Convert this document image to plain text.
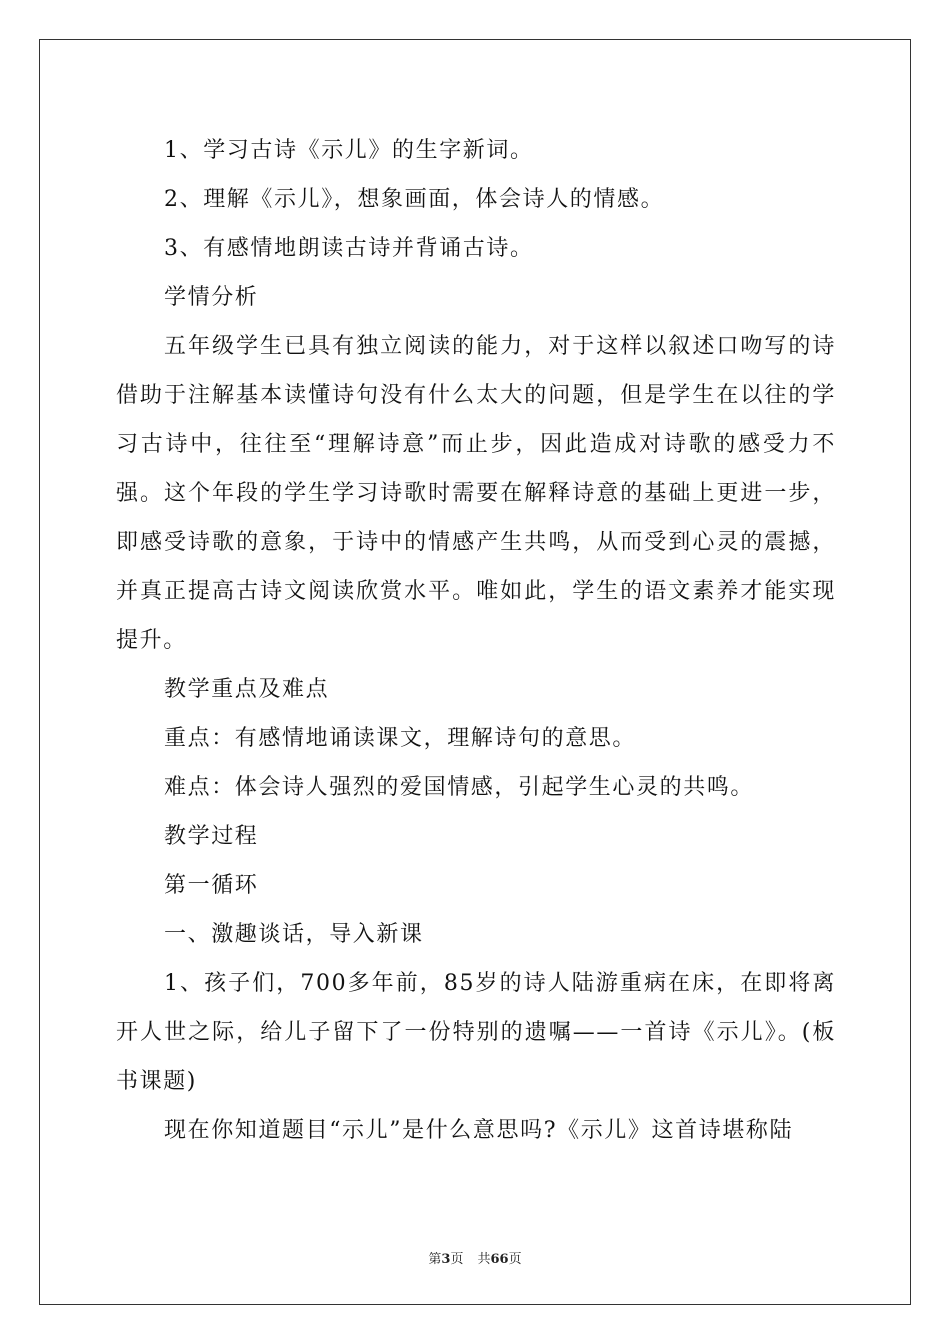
1、学习古诗《示儿》的生字新词。

2、理解《示儿》，想象画面，体会诗人的情感。

3、有感情地朗读古诗并背诵古诗。

学情分析

五年级学生已具有独立阅读的能力，对于这样以叙述口吻写的诗借助于注解基本读懂诗句没有什么太大的问题，但是学生在以往的学习古诗中，往往至“理解诗意”而止步，因此造成对诗歌的感受力不强。这个年段的学生学习诗歌时需要在解释诗意的基础上更进一步，即感受诗歌的意象，于诗中的情感产生共鸣，从而受到心灵的震撼，并真正提高古诗文阅读欣赏水平。唯如此，学生的语文素养才能实现提升。

教学重点及难点

重点：有感情地诵读课文，理解诗句的意思。

难点：体会诗人强烈的爱国情感，引起学生心灵的共鸣。

教学过程

第一循环

一、激趣谈话，导入新课

1、孩子们，700多年前，85岁的诗人陆游重病在床，在即将离开人世之际，给儿子留下了一份特别的遗嘱——一首诗《示儿》。(板书课题)

现在你知道题目“示儿”是什么意思吗?《示儿》这首诗堪称陆

第3页 共66页
